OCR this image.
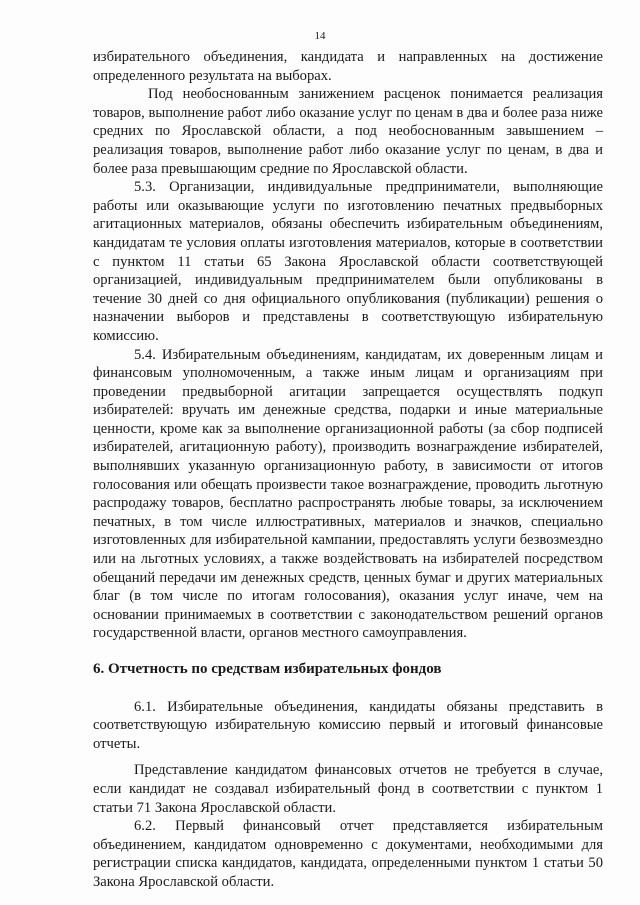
14

избирательного объединения, кандидата и направленных на достижение определенного результата на выборах.

Под необоснованным занижением расценок понимается реализация товаров, выполнение работ либо оказание услуг по ценам в два и более раза ниже средних по Ярославской области, а под необоснованным завышением – реализация товаров, выполнение работ либо оказание услуг по ценам, в два и более раза превышающим средние по Ярославской области.

5.3. Организации, индивидуальные предприниматели, выполняющие работы или оказывающие услуги по изготовлению печатных предвыборных агитационных материалов, обязаны обеспечить избирательным объединениям, кандидатам те условия оплаты изготовления материалов, которые в соответствии с пунктом 11 статьи 65 Закона Ярославской области соответствующей организацией, индивидуальным предпринимателем были опубликованы в течение 30 дней со дня официального опубликования (публикации) решения о назначении выборов и представлены в соответствующую избирательную комиссию.

5.4. Избирательным объединениям, кандидатам, их доверенным лицам и финансовым уполномоченным, а также иным лицам и организациям при проведении предвыборной агитации запрещается осуществлять подкуп избирателей: вручать им денежные средства, подарки и иные материальные ценности, кроме как за выполнение организационной работы (за сбор подписей избирателей, агитационную работу), производить вознаграждение избирателей, выполнявших указанную организационную работу, в зависимости от итогов голосования или обещать произвести такое вознаграждение, проводить льготную распродажу товаров, бесплатно распространять любые товары, за исключением печатных, в том числе иллюстративных, материалов и значков, специально изготовленных для избирательной кампании, предоставлять услуги безвозмездно или на льготных условиях, а также воздействовать на избирателей посредством обещаний передачи им денежных средств, ценных бумаг и других материальных благ (в том числе по итогам голосования), оказания услуг иначе, чем на основании принимаемых в соответствии с законодательством решений органов государственной власти, органов местного самоуправления.

6. Отчетность по средствам избирательных фондов

6.1. Избирательные объединения, кандидаты обязаны представить в соответствующую избирательную комиссию первый и итоговый финансовые отчеты.

Представление кандидатом финансовых отчетов не требуется в случае, если кандидат не создавал избирательный фонд в соответствии с пунктом 1 статьи 71 Закона Ярославской области.

6.2. Первый финансовый отчет представляется избирательным объединением, кандидатом одновременно с документами, необходимыми для регистрации списка кандидатов, кандидата, определенными пунктом 1 статьи 50 Закона Ярославской области.
